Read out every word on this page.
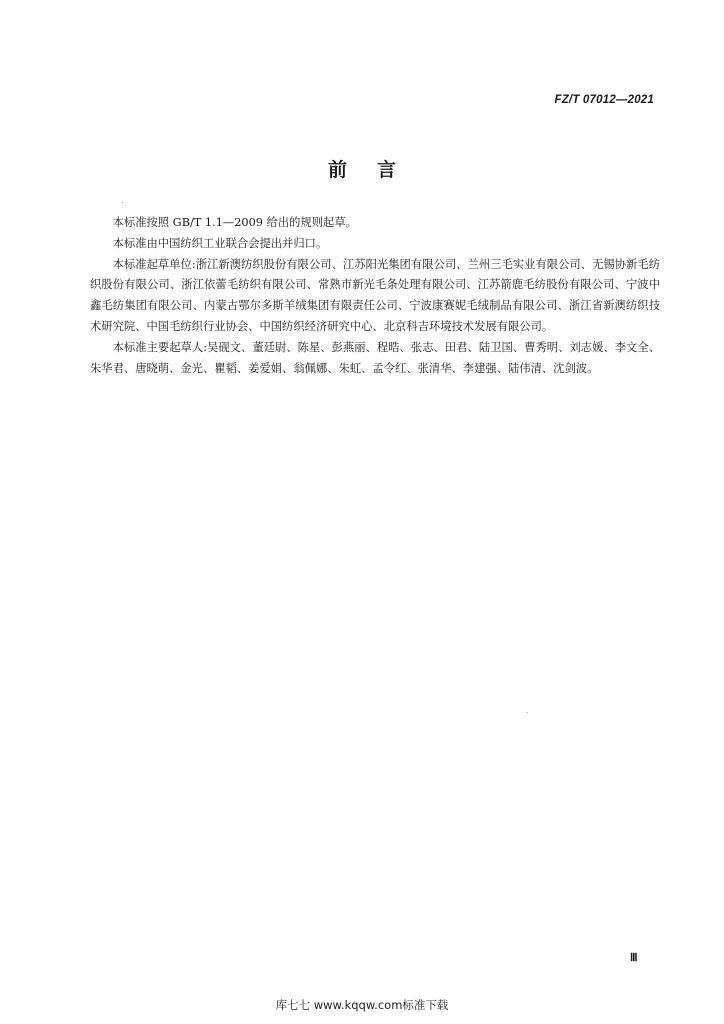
FZ/T 07012—2021
前言

本标准按照 GB/T 1.1—2009 给出的规则起草。

本标准由中国纺织工业联合会提出并归口。

本标准起草单位:浙江新澳纺织股份有限公司、江苏阳光集团有限公司、兰州三毛实业有限公司、无锡协新毛纺织股份有限公司、浙江依蕾毛纺织有限公司、常熟市新光毛条处理有限公司、江苏箭鹿毛纺股份有限公司、宁波中鑫毛纺集团有限公司、内蒙古鄂尔多斯羊绒集团有限责任公司、宁波康赛妮毛绒制品有限公司、浙江省新澳纺织技术研究院、中国毛纺织行业协会、中国纺织经济研究中心、北京科吉环境技术发展有限公司。

本标准主要起草人:吴砚文、董廷尉、陈星、彭燕丽、程晧、张志、田君、陆卫国、曹秀明、刘志媛、李文全、朱华君、唐晓萌、金光、瞿韬、姜爱娟、翁佩娜、朱虹、孟令红、张清华、李建强、陆伟清、沈剑波。

Ⅲ
库七七 www.kqqw.com标准下载
